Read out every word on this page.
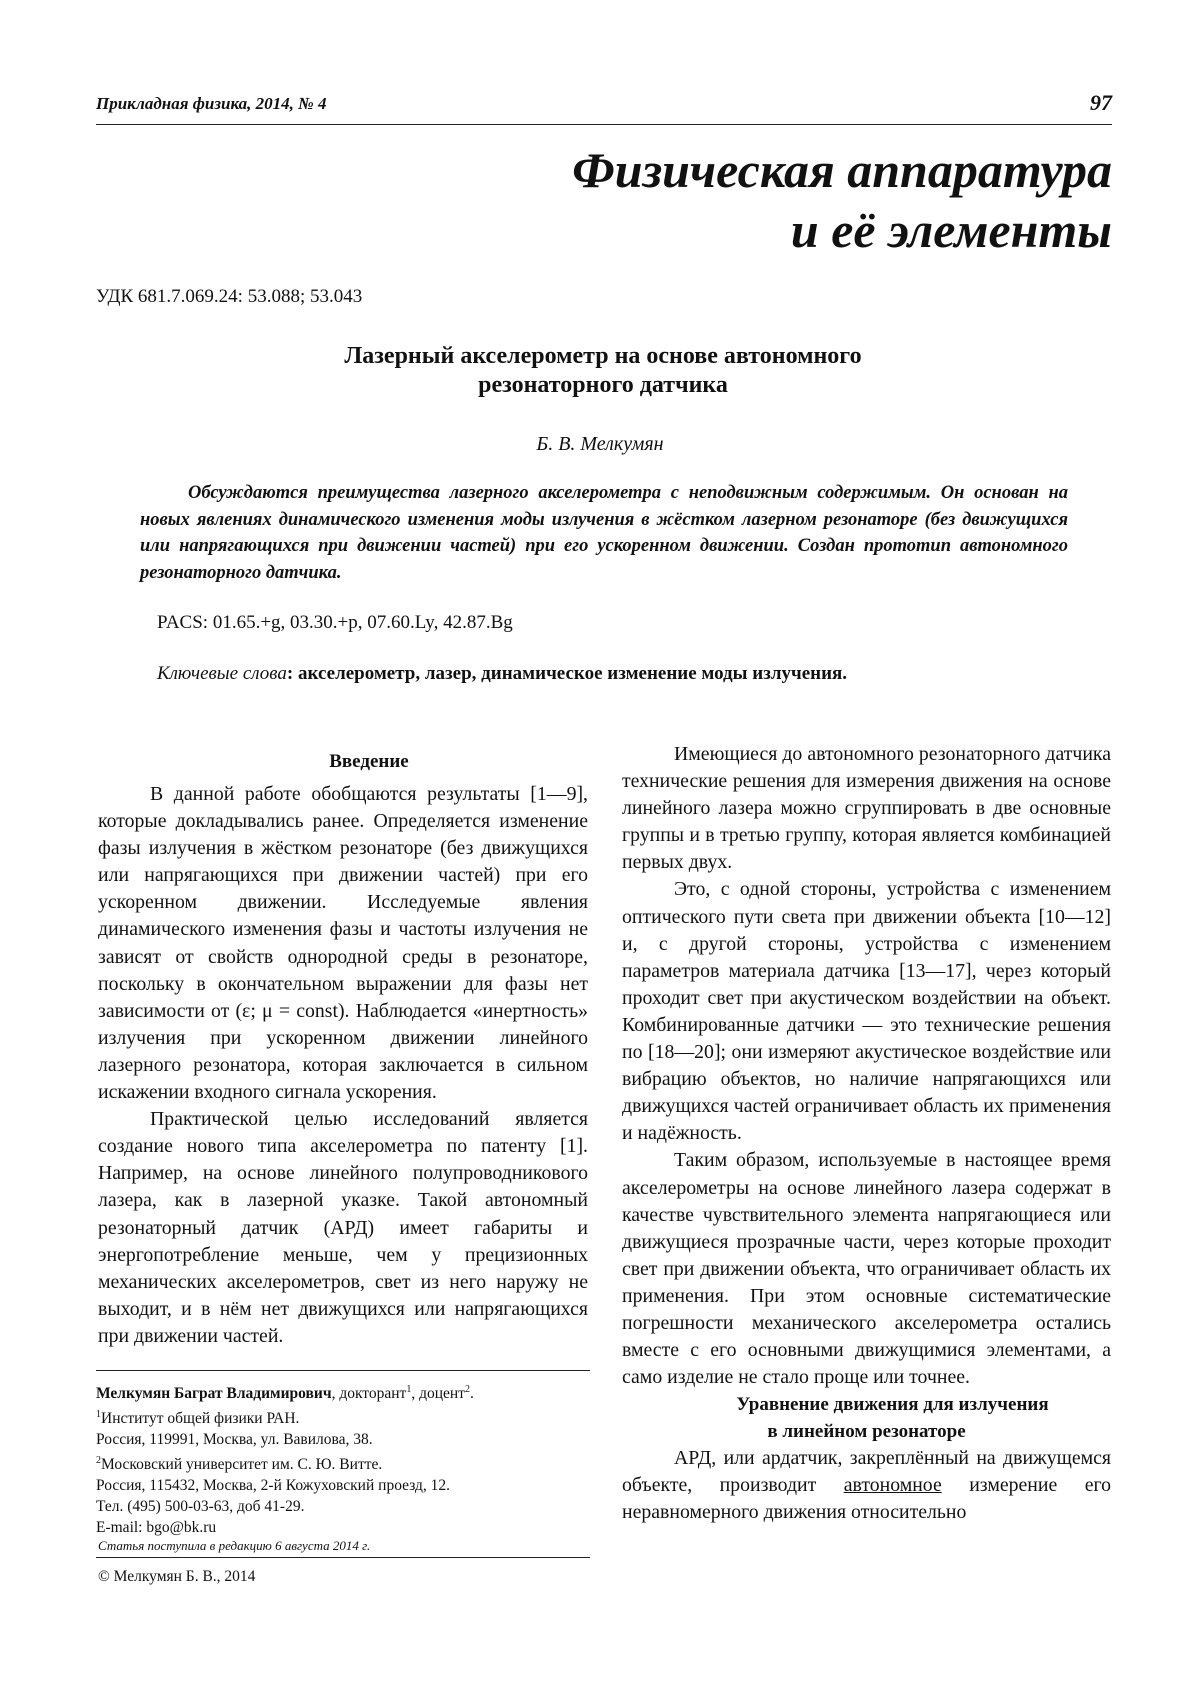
Прикладная физика, 2014, № 4	97
Физическая аппаратура
и её элементы
УДК 681.7.069.24: 53.088; 53.043
Лазерный акселерометр на основе автономного
резонаторного датчика
Б. В. Мелкумян
Обсуждаются преимущества лазерного акселерометра с неподвижным содержимым. Он основан на новых явлениях динамического изменения моды излучения в жёстком лазерном резонаторе (без движущихся или напрягающихся при движении частей) при его ускоренном движении. Создан прототип автономного резонаторного датчика.
PACS: 01.65.+g, 03.30.+p, 07.60.Ly, 42.87.Bg
Ключевые слова: акселерометр, лазер, динамическое изменение моды излучения.

Введение

В данной работе обобщаются результаты [1—9], которые докладывались ранее. Определяется изменение фазы излучения в жёстком резонаторе (без движущихся или напрягающихся при движении частей) при его ускоренном движении. Исследуемые явления динамического изменения фазы и частоты излучения не зависят от свойств однородной среды в резонаторе, поскольку в окончательном выражении для фазы нет зависимости от (ε; μ = const). Наблюдается «инертность» излучения при ускоренном движении линейного лазерного резонатора, которая заключается в сильном искажении входного сигнала ускорения.

Практической целью исследований является создание нового типа акселерометра по патенту [1]. Например, на основе линейного полупроводникового лазера, как в лазерной указке. Такой автономный резонаторный датчик (АРД) имеет габариты и энергопотребление меньше, чем у прецизионных механических акселерометров, свет из него наружу не выходит, и в нём нет движущихся или напрягающихся при движении частей.

Имеющиеся до автономного резонаторного датчика технические решения для измерения движения на основе линейного лазера можно сгруппировать в две основные группы и в третью группу, которая является комбинацией первых двух.

Это, с одной стороны, устройства с изменением оптического пути света при движении объекта [10—12] и, с другой стороны, устройства с изменением параметров материала датчика [13—17], через который проходит свет при акустическом воздействии на объект. Комбинированные датчики — это технические решения по [18—20]; они измеряют акустическое воздействие или вибрацию объектов, но наличие напрягающихся или движущихся частей ограничивает область их применения и надёжность.

Таким образом, используемые в настоящее время акселерометры на основе линейного лазера содержат в качестве чувствительного элемента напрягающиеся или движущиеся прозрачные части, через которые проходит свет при движении объекта, что ограничивает область их применения. При этом основные систематические погрешности механического акселерометра остались вместе с его основными движущимися элементами, а само изделие не стало проще или точнее.

Уравнение движения для излучения
в линейном резонаторе

АРД, или ардатчик, закреплённый на движущемся объекте, производит автономное измерение его неравномерного движения относительно

Мелкумян Баграт Владимирович, докторант$^1$, доцент$^2$.
$^1$Институт общей физики РАН.
Россия, 119991, Москва, ул. Вавилова, 38.
$^2$Московский университет им. С. Ю. Витте.
Россия, 115432, Москва, 2-й Кожуховский проезд, 12.
Тел. (495) 500-03-63, доб 41-29.
E-mail: bgo@bk.ru
Статья поступила в редакцию 6 августа 2014 г.
© Мелкумян Б. В., 2014
